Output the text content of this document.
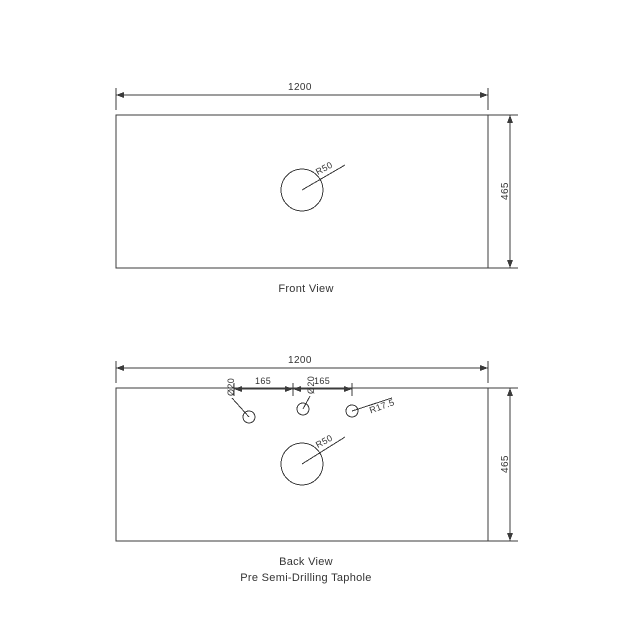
1200
465
R50
Front View
1200
465
165	165
Ø20	Ø20
R17.5
R50
Back View
Pre Semi-Drilling Taphole
